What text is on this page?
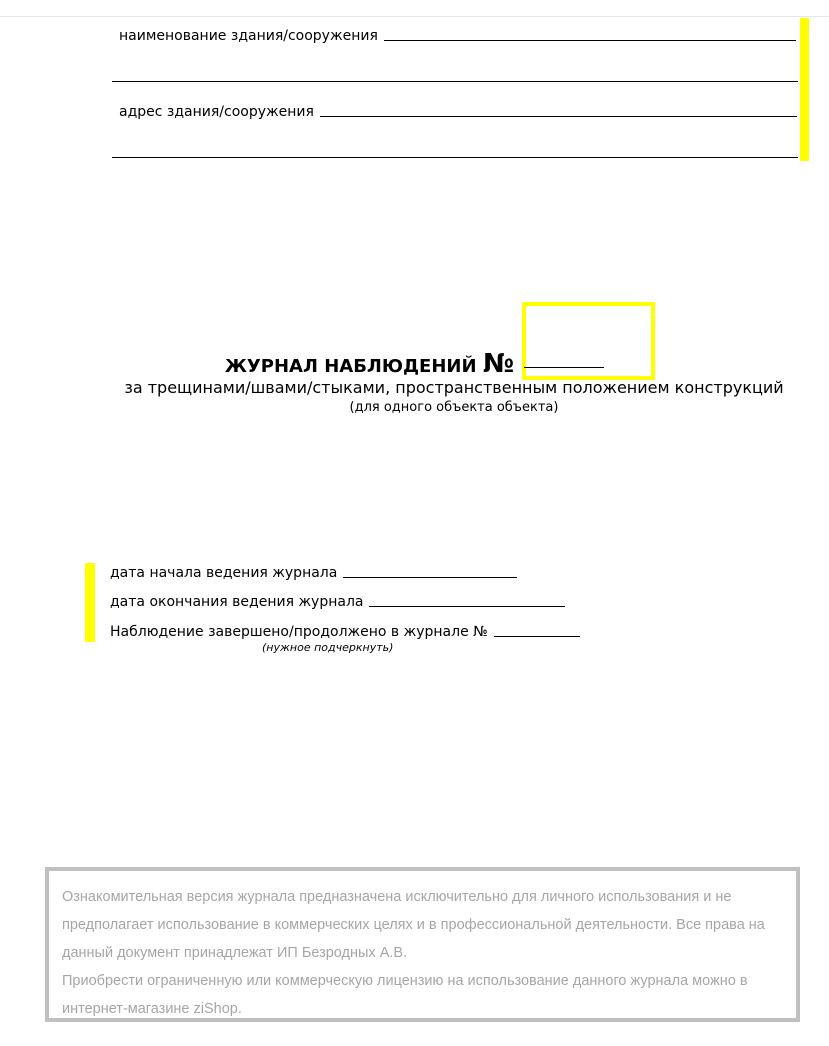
наименование здания/сооружения
адрес здания/сооружения
ЖУРНАЛ НАБЛЮДЕНИЙ №
за трещинами/швами/стыками, пространственным положением конструкций
(для одного объекта объекта)
дата начала ведения журнала
дата окончания ведения журнала
Наблюдение завершено/продолжено в журнале №
(нужное подчеркнуть)

Ознакомительная версия журнала предназначена исключительно для личного использования и не предполагает использование в коммерческих целях и в профессиональной деятельности. Все права на данный документ принадлежат ИП Безродных А.В.

Приобрести ограниченную или коммерческую лицензию на использование данного журнала можно в интернет-магазине ziShop.
